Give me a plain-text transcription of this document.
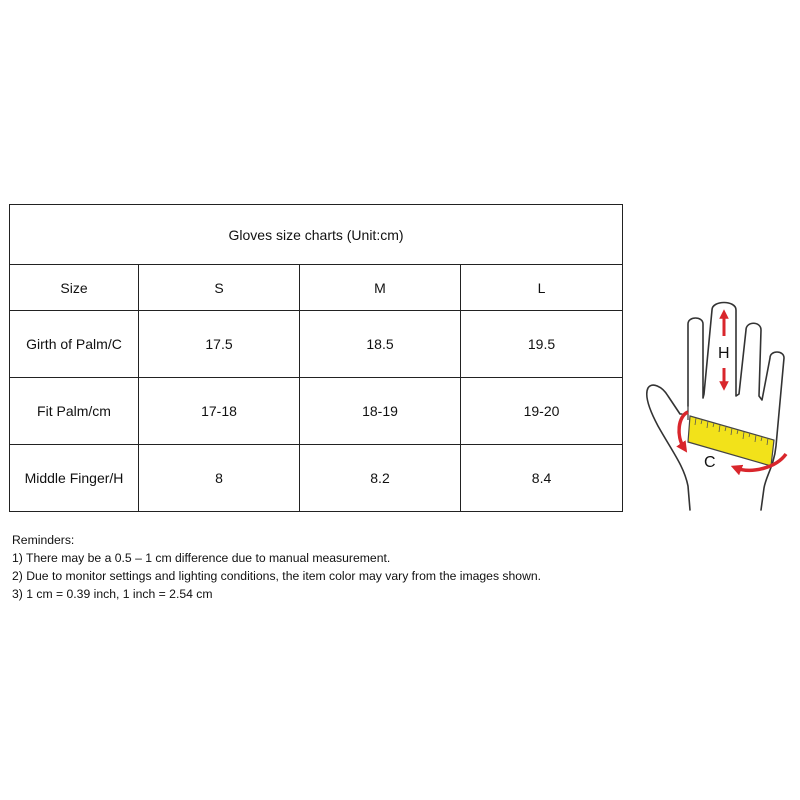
Gloves size charts (Unit:cm)			
Size	S	M	L
Girth of Palm/C	17.5	18.5	19.5
Fit Palm/cm	17-18	18-19	19-20
Middle Finger/H	8	8.2	8.4
Reminders:
1) There may be a 0.5 – 1 cm difference due to manual measurement.
2) Due to monitor settings and lighting conditions, the item color may vary from the images shown.
3) 1 cm = 0.39 inch, 1 inch = 2.54 cm
H
C
